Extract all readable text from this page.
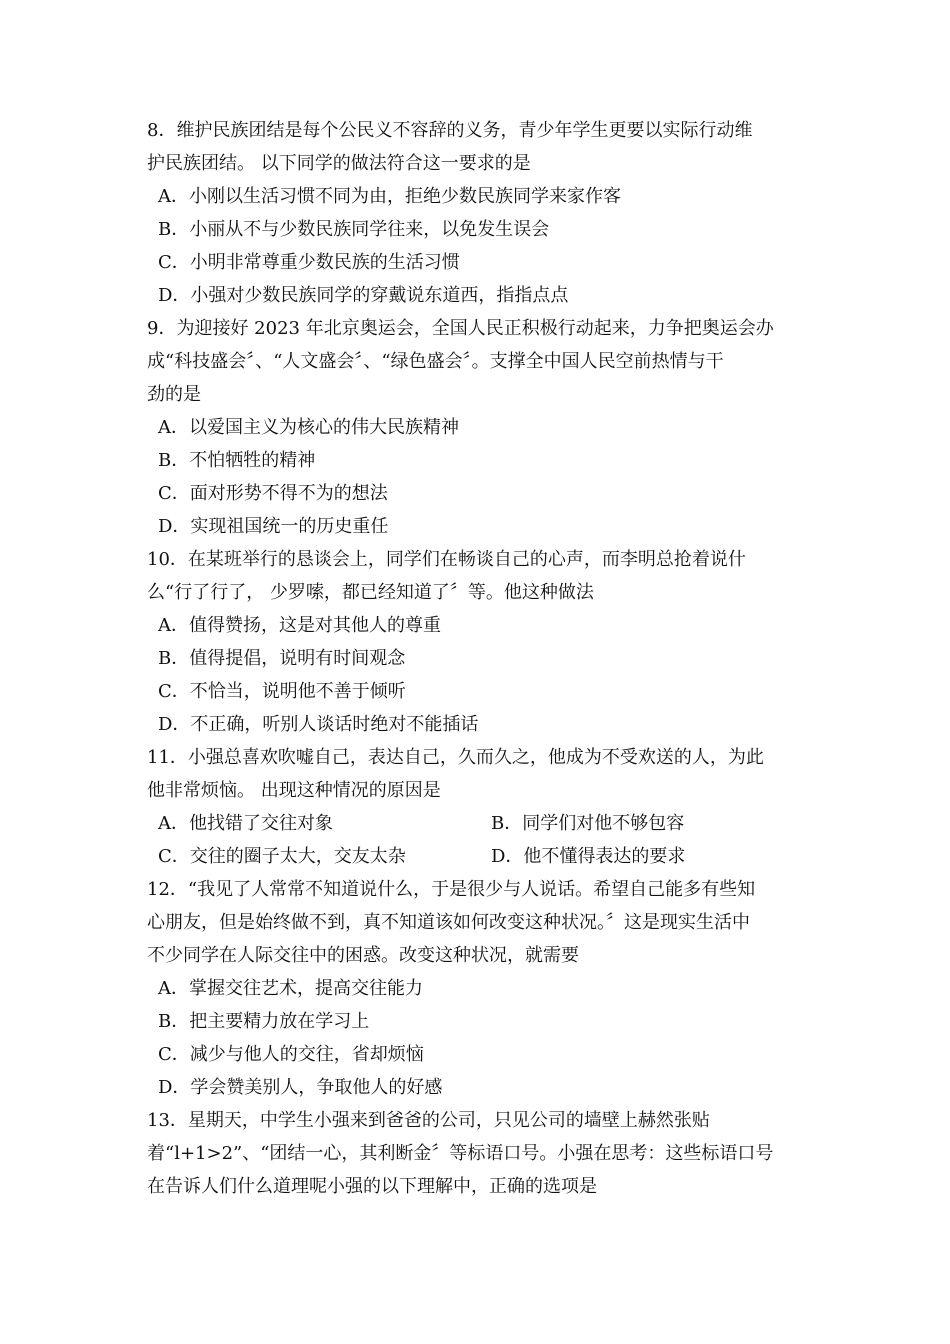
8．维护民族团结是每个公民义不容辞的义务，青少年学生更要以实际行动维
护民族团结。 以下同学的做法符合这一要求的是
A．小刚以生活习惯不同为由，拒绝少数民族同学来家作客
B．小丽从不与少数民族同学往来，以免发生误会
C．小明非常尊重少数民族的生活习惯
D．小强对少数民族同学的穿戴说东道西，指指点点
9．为迎接好 2023 年北京奥运会，全国人民正积极行动起来，力争把奥运会办
成“科技盛会〞、“人文盛会〞、“绿色盛会〞。支撑全中国人民空前热情与干
劲的是
A．以爱国主义为核心的伟大民族精神
B．不怕牺牲的精神
C．面对形势不得不为的想法
D．实现祖国统一的历史重任
10．在某班举行的恳谈会上，同学们在畅谈自己的心声，而李明总抢着说什
么“行了行了， 少罗嗦，都已经知道了〞等。他这种做法
A．值得赞扬，这是对其他人的尊重
B．值得提倡，说明有时间观念
C．不恰当，说明他不善于倾听
D．不正确，听别人谈话时绝对不能插话
11．小强总喜欢吹嘘自己，表达自己，久而久之，他成为不受欢送的人，为此
他非常烦恼。 出现这种情况的原因是
A．他找错了交往对象	B．同学们对他不够包容
C．交往的圈子太大，交友太杂	D．他不懂得表达的要求
12．“我见了人常常不知道说什么，于是很少与人说话。希望自己能多有些知
心朋友，但是始终做不到，真不知道该如何改变这种状况。〞这是现实生活中
不少同学在人际交往中的困惑。改变这种状况，就需要
A．掌握交往艺术，提高交往能力
B．把主要精力放在学习上
C．减少与他人的交往，省却烦恼
D．学会赞美别人，争取他人的好感
13．星期天，中学生小强来到爸爸的公司，只见公司的墙壁上赫然张贴
着“l+1>2”、“团结一心，其利断金〞等标语口号。小强在思考：这些标语口号
在告诉人们什么道理呢小强的以下理解中，正确的选项是
